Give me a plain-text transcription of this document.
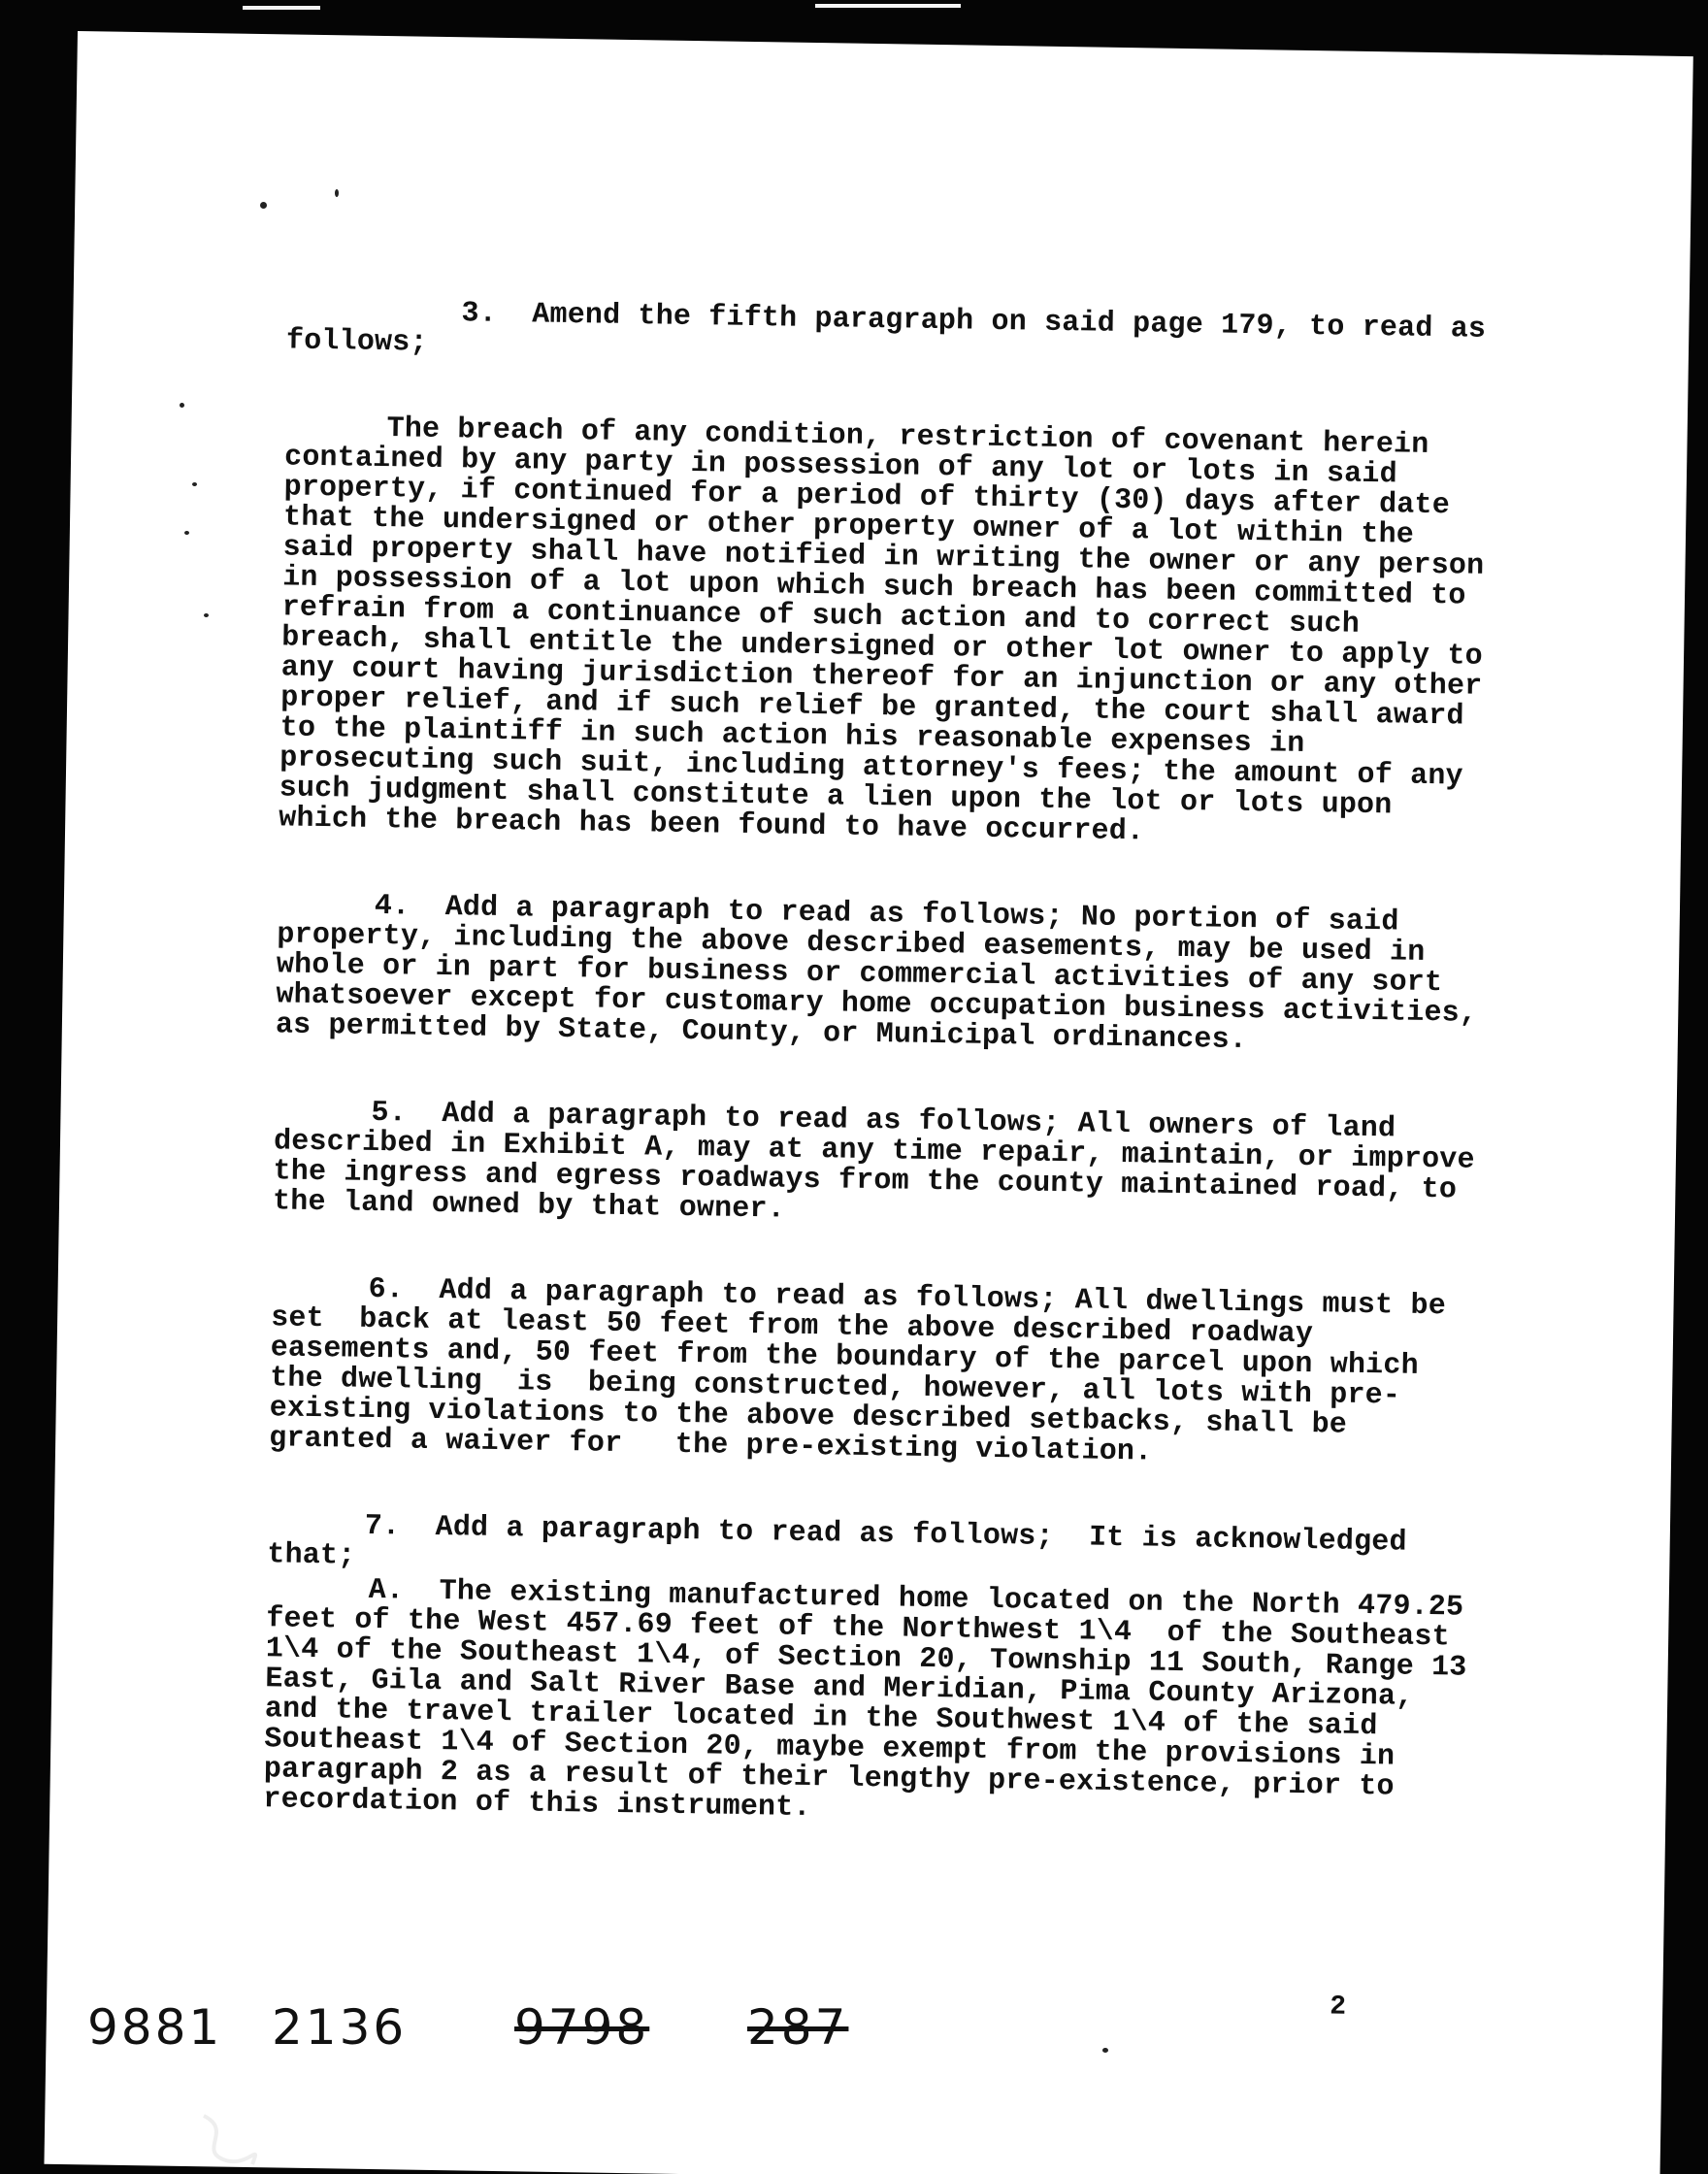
3.  Amend the fifth paragraph on said page 179, to read as follows;

The breach of any condition, restriction of covenant herein contained by any party in possession of any lot or lots in said property, if continued for a period of thirty (30) days after date that the undersigned or other property owner of a lot within the said property shall have notified in writing the owner or any person in possession of a lot upon which such breach has been committed to refrain from a continuance of such action and to correct such breach, shall entitle the undersigned or other lot owner to apply to any court having jurisdiction thereof for an injunction or any other proper relief, and if such relief be granted, the court shall award to the plaintiff in such action his reasonable expenses in prosecuting such suit, including attorney's fees; the amount of any such judgment shall constitute a lien upon the lot or lots upon which the breach has been found to have occurred.

4.  Add a paragraph to read as follows; No portion of said property, including the above described easements, may be used in whole or in part for business or commercial activities of any sort whatsoever except for customary home occupation business activities, as permitted by State, County, or Municipal ordinances.

5.  Add a paragraph to read as follows; All owners of land described in Exhibit A, may at any time repair, maintain, or improve the ingress and egress roadways from the county maintained road, to the land owned by that owner.

6.  Add a paragraph to read as follows; All dwellings must be set  back at least 50 feet from the above described roadway easements and, 50 feet from the boundary of the parcel upon which the dwelling  is  being constructed, however, all lots with pre-existing violations to the above described setbacks, shall be granted a waiver for   the pre-existing violation.

7.  Add a paragraph to read as follows;  It is acknowledged that;

A.  The existing manufactured home located on the North 479.25 feet of the West 457.69 feet of the Northwest 1\4  of the Southeast 1\4 of the Southeast 1\4, of Section 20, Township 11 South, Range 13 East, Gila and Salt River Base and Meridian, Pima County Arizona, and the travel trailer located in the Southwest 1\4 of the said Southeast 1\4 of Section 20, maybe exempt from the provisions in paragraph 2 as a result of their lengthy pre-existence, prior to recordation of this instrument.

2
9881 2136 9798 287
